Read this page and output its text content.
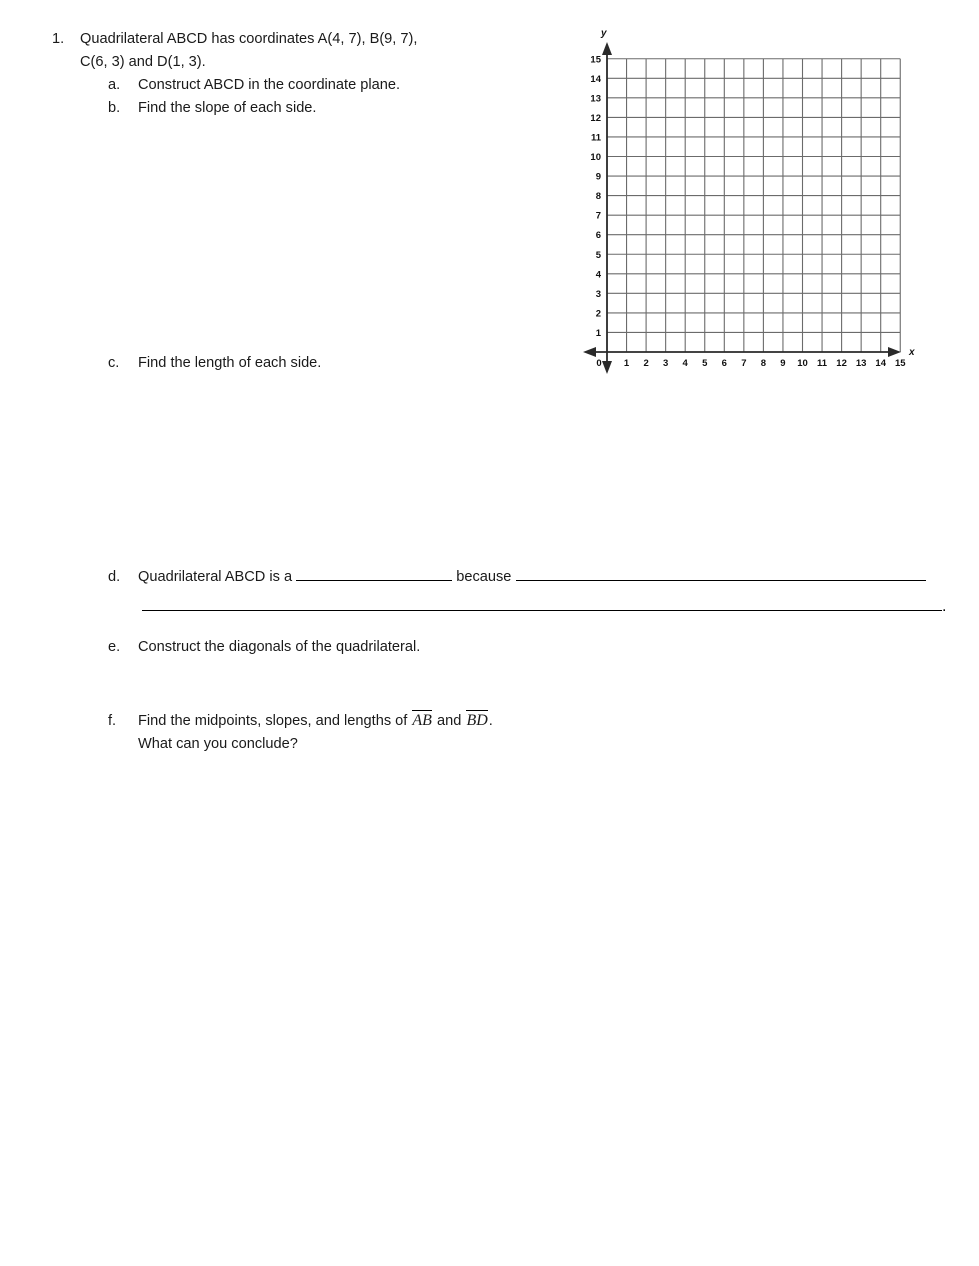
1.	Quadrilateral ABCD has coordinates A(4, 7), B(9, 7),
C(6, 3) and D(1, 3).
a.	Construct ABCD in the coordinate plane.
b.	Find the slope of each side.
c.	Find the length of each side.
d.	Quadrilateral ABCD is a	because
.
e.	Construct the diagonals of the quadrilateral.
f.	Find the midpoints, slopes, and lengths of AB and BD.
What can you conclude?
1
2
3
4
5
6
7
8
9
10
11
12
13
14
15
0 1 2 3 4 5 6 7 8 9 10 11 12 13 14 15
y
x
